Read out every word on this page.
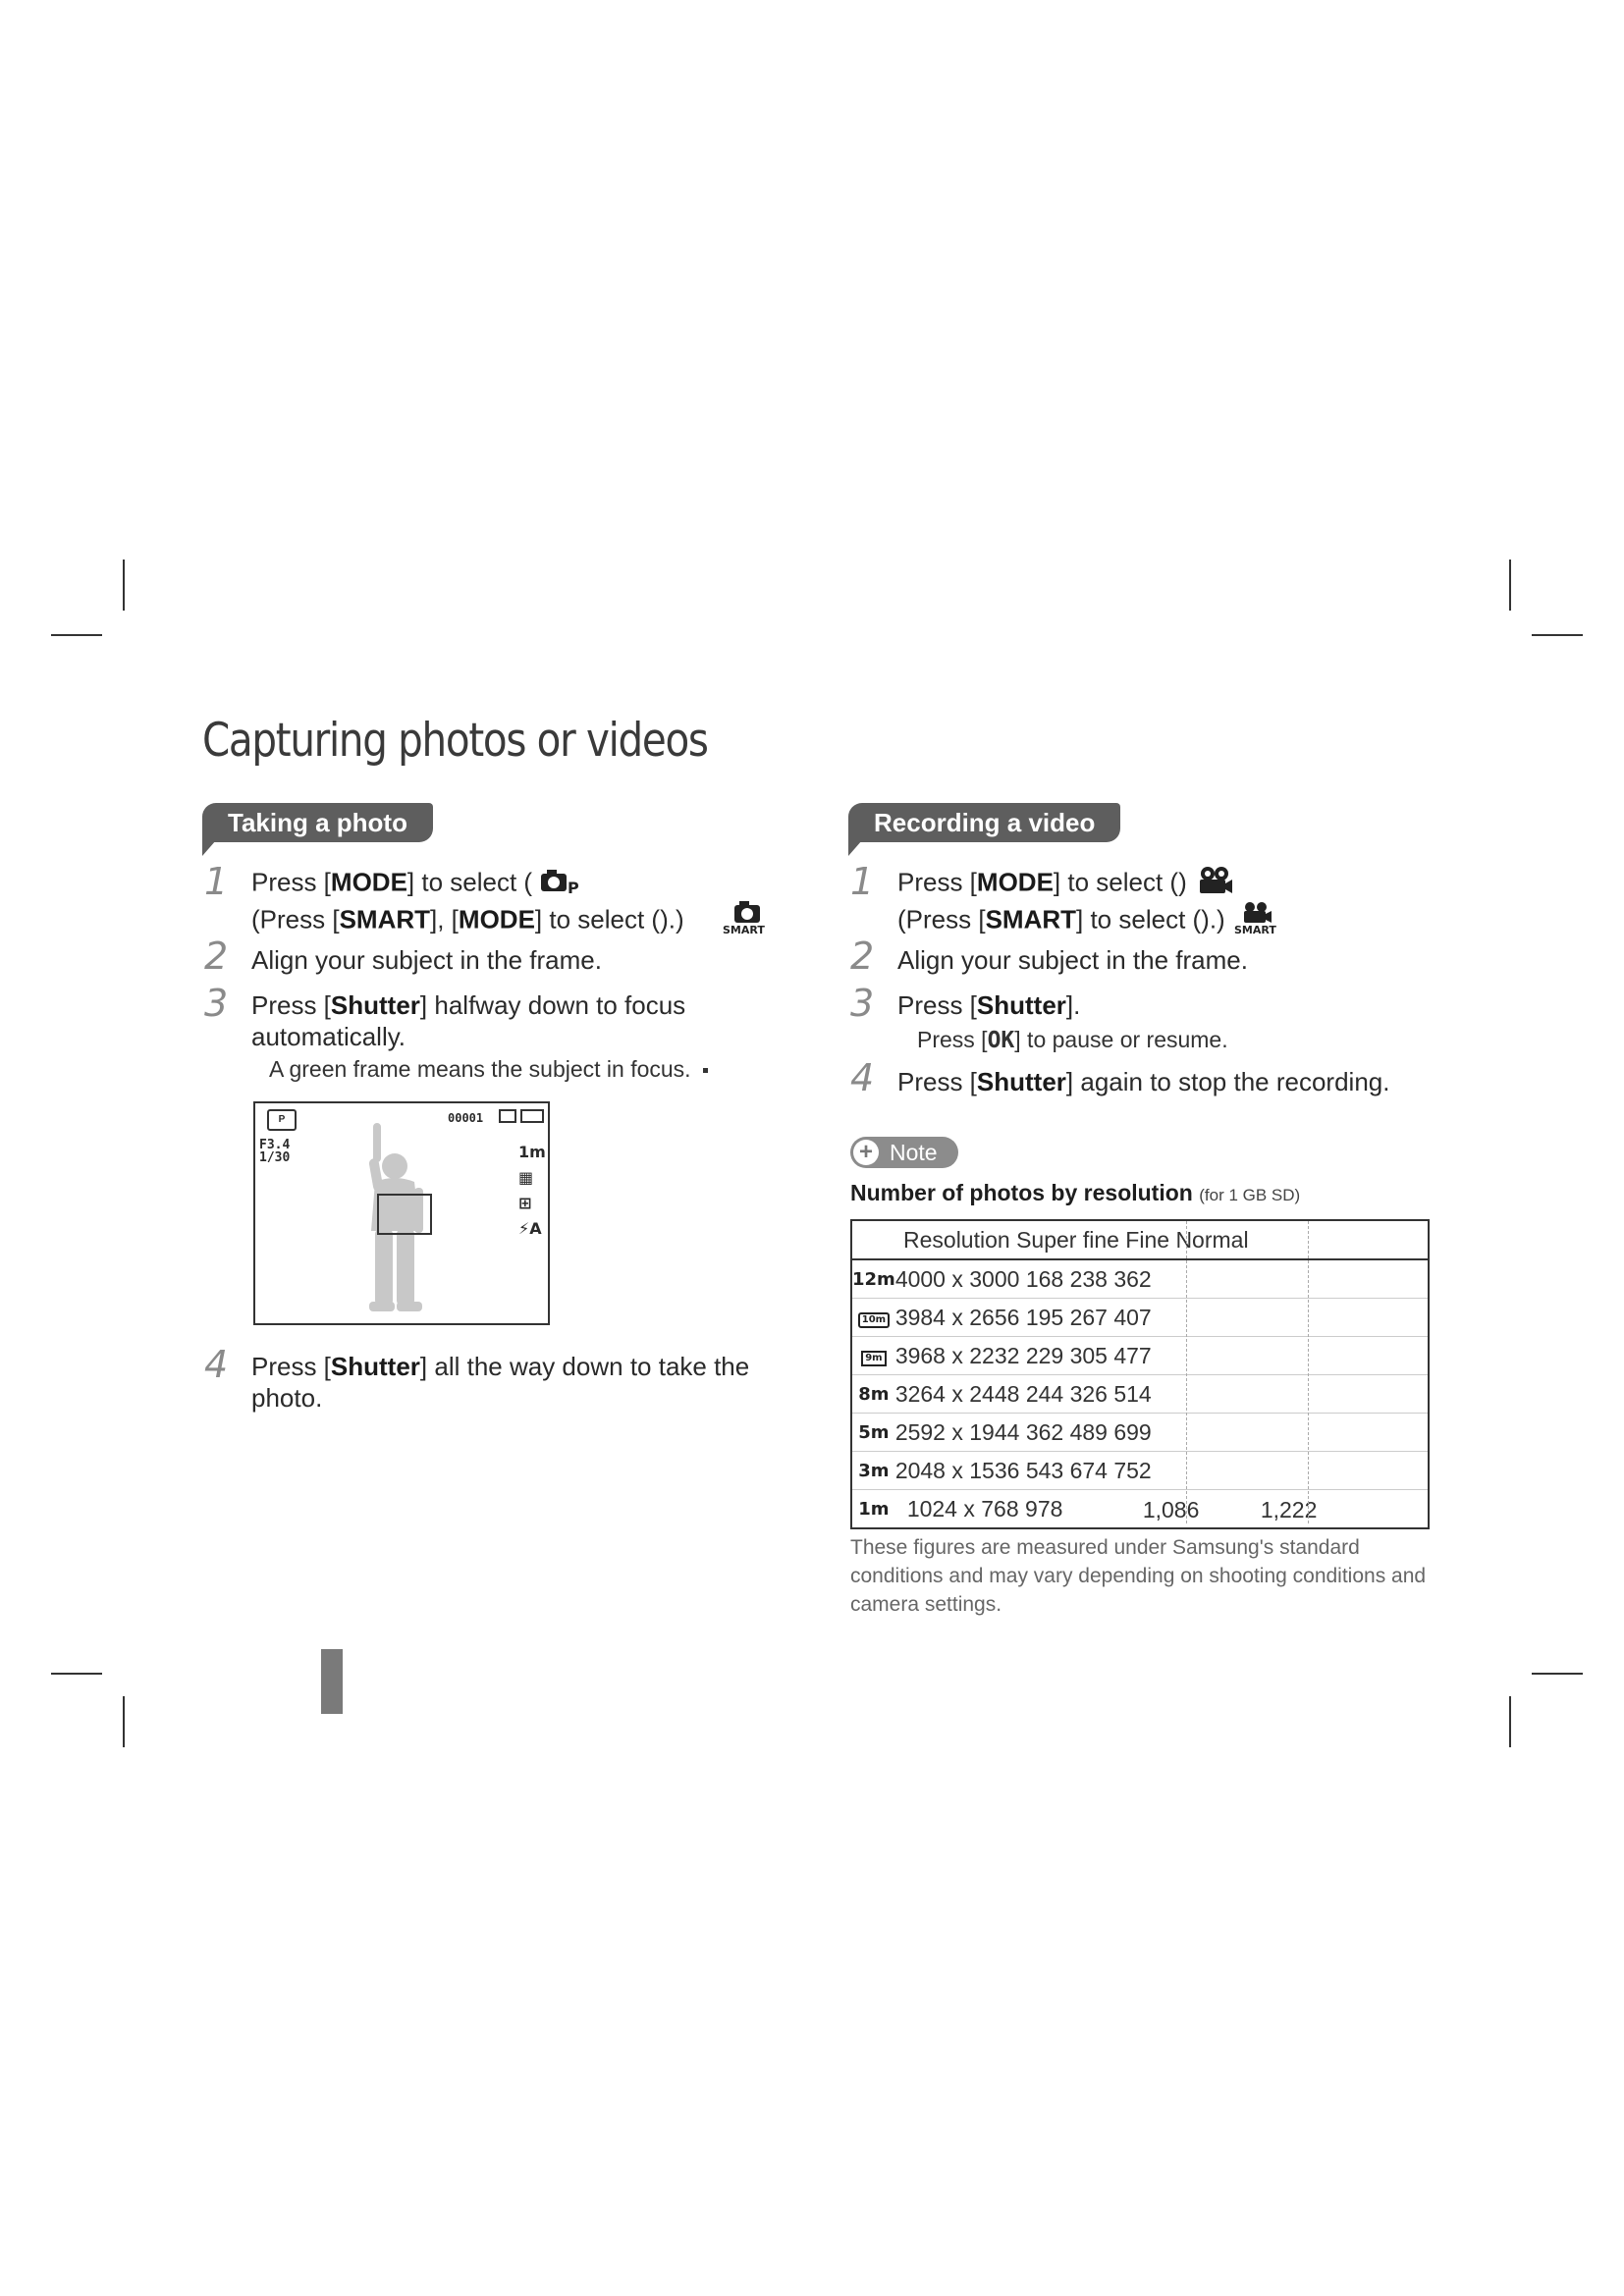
Capturing photos or videos
Taking a photo
1 Press [MODE] to select ( P
(Press [SMART], [MODE] to select ().)	SMART
2 Align your subject in the frame.
3 Press [Shutter] halfway down to focus
automatically.
A green frame means the subject in focus.
P
F3.4
1/30
00001
1m
▦
⊞
⚡A
4 Press [Shutter] all the way down to take the
photo.
Recording a video
1 Press [MODE] to select ()
(Press [SMART] to select ().) SMART
2 Align your subject in the frame.
3 Press [Shutter].
Press [OK] to pause or resume.
4 Press [Shutter] again to stop the recording.
+ Note
Number of photos by resolution (for 1 GB SD)
Resolution Super fine Fine Normal	
12m	4000 x 3000 168 238 362
10m	3984 x 2656 195 267 407
9m	3968 x 2232 229 305 477
8m	3264 x 2448 244 326 514
5m	2592 x 1944 362 489 699
3m	2048 x 1536 543 674 752
1m	1024 x 768 978 1,086 1,222
These figures are measured under Samsung's standard conditions and may vary depending on shooting conditions and camera settings.
